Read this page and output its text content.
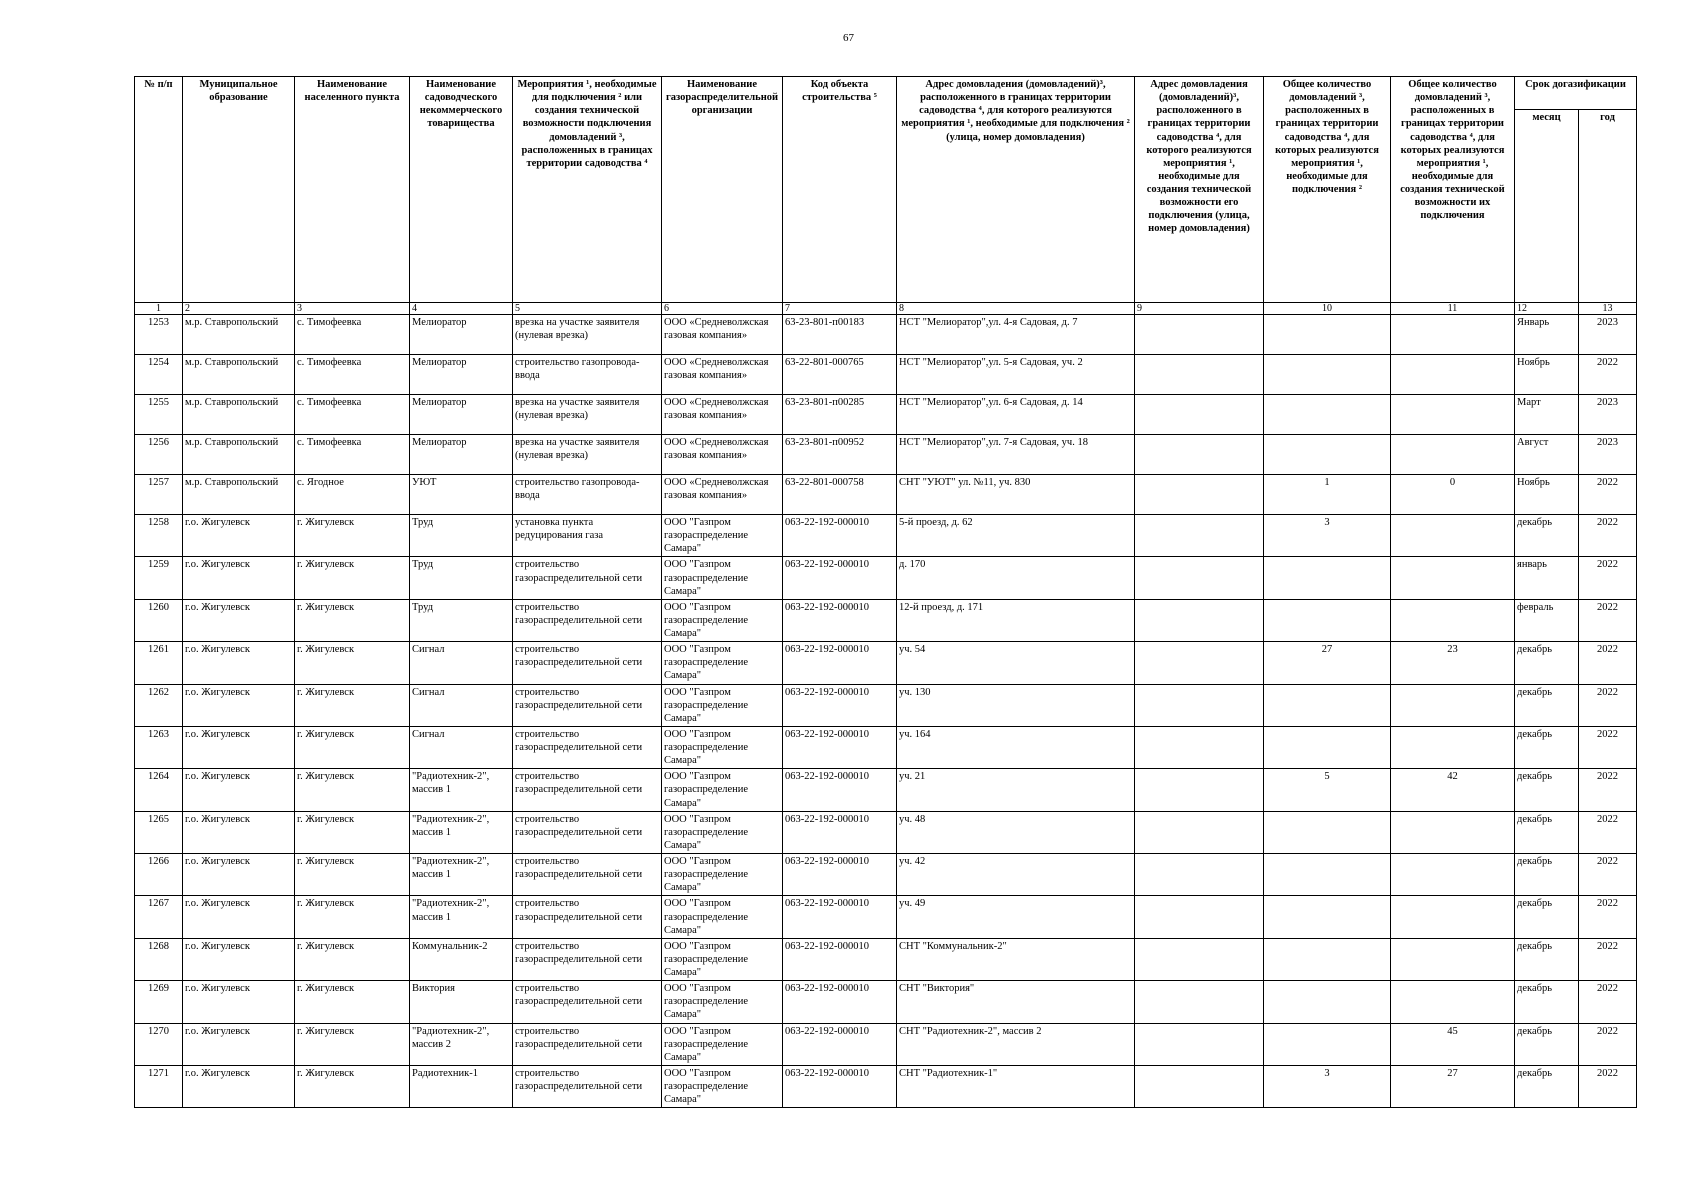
67
№ п/п	Муниципальное образование	Наименование населенного пункта	Наименование садоводческого некоммерческого товарищества	Мероприятия ¹, необходимые для подключения ² или создания технической возможности подключения домовладений ³, расположенных в границах территории садоводства ⁴	Наименование газораспределительной организации	Код объекта строительства ⁵	Адрес домовладения (домовладений)³, расположенного в границах территории садоводства ⁴, для которого реализуются мероприятия ¹, необходимые для подключения ² (улица, номер домовладения)	Адрес домовладения (домовладений)³, расположенного в границах территории садоводства ⁴, для которого реализуются мероприятия ¹, необходимые для создания технической возможности его подключения (улица, номер домовладения)	Общее количество домовладений ³, расположенных в границах территории садоводства ⁴, для которых реализуются мероприятия ¹, необходимые для подключения ²	Общее количество домовладений ³, расположенных в границах территории садоводства ⁴, для которых реализуются мероприятия ¹, необходимые для создания технической возможности их подключения	Срок догазификации	
											месяц	год
1	2	3	4	5	6	7	8	9	10	11	12	13
1253	м.р. Ставропольский	с. Тимофеевка	Мелиоратор	врезка на участке заявителя (нулевая врезка)	ООО «Средневолжская газовая компания»	63-23-801-п00183	НСТ "Мелиоратор",ул. 4-я Садовая, д. 7				Январь	2023
1254	м.р. Ставропольский	с. Тимофеевка	Мелиоратор	строительство газопровода-ввода	ООО «Средневолжская газовая компания»	63-22-801-000765	НСТ "Мелиоратор",ул. 5-я Садовая, уч. 2				Ноябрь	2022
1255	м.р. Ставропольский	с. Тимофеевка	Мелиоратор	врезка на участке заявителя (нулевая врезка)	ООО «Средневолжская газовая компания»	63-23-801-п00285	НСТ "Мелиоратор",ул. 6-я Садовая, д. 14				Март	2023
1256	м.р. Ставропольский	с. Тимофеевка	Мелиоратор	врезка на участке заявителя (нулевая врезка)	ООО «Средневолжская газовая компания»	63-23-801-п00952	НСТ "Мелиоратор",ул. 7-я Садовая, уч. 18				Август	2023
1257	м.р. Ставропольский	с. Ягодное	УЮТ	строительство газопровода-ввода	ООО «Средневолжская газовая компания»	63-22-801-000758	СНТ "УЮТ" ул. №11, уч. 830		1	0	Ноябрь	2022
1258	г.о. Жигулевск	г. Жигулевск	Труд	установка пункта редуцирования газа	ООО "Газпром газораспределение Самара"	063-22-192-000010	5-й проезд, д. 62		3		декабрь	2022
1259	г.о. Жигулевск	г. Жигулевск	Труд	строительство газораспределительной сети	ООО "Газпром газораспределение Самара"	063-22-192-000010	д. 170				январь	2022
1260	г.о. Жигулевск	г. Жигулевск	Труд	строительство газораспределительной сети	ООО "Газпром газораспределение Самара"	063-22-192-000010	12-й проезд, д. 171				февраль	2022
1261	г.о. Жигулевск	г. Жигулевск	Сигнал	строительство газораспределительной сети	ООО "Газпром газораспределение Самара"	063-22-192-000010	уч. 54		27	23	декабрь	2022
1262	г.о. Жигулевск	г. Жигулевск	Сигнал	строительство газораспределительной сети	ООО "Газпром газораспределение Самара"	063-22-192-000010	уч. 130				декабрь	2022
1263	г.о. Жигулевск	г. Жигулевск	Сигнал	строительство газораспределительной сети	ООО "Газпром газораспределение Самара"	063-22-192-000010	уч. 164				декабрь	2022
1264	г.о. Жигулевск	г. Жигулевск	"Радиотехник-2", массив 1	строительство газораспределительной сети	ООО "Газпром газораспределение Самара"	063-22-192-000010	уч. 21		5	42	декабрь	2022
1265	г.о. Жигулевск	г. Жигулевск	"Радиотехник-2", массив 1	строительство газораспределительной сети	ООО "Газпром газораспределение Самара"	063-22-192-000010	уч. 48				декабрь	2022
1266	г.о. Жигулевск	г. Жигулевск	"Радиотехник-2", массив 1	строительство газораспределительной сети	ООО "Газпром газораспределение Самара"	063-22-192-000010	уч. 42				декабрь	2022
1267	г.о. Жигулевск	г. Жигулевск	"Радиотехник-2", массив 1	строительство газораспределительной сети	ООО "Газпром газораспределение Самара"	063-22-192-000010	уч. 49				декабрь	2022
1268	г.о. Жигулевск	г. Жигулевск	Коммунальник-2	строительство газораспределительной сети	ООО "Газпром газораспределение Самара"	063-22-192-000010	СНТ "Коммунальник-2"				декабрь	2022
1269	г.о. Жигулевск	г. Жигулевск	Виктория	строительство газораспределительной сети	ООО "Газпром газораспределение Самара"	063-22-192-000010	СНТ "Виктория"				декабрь	2022
1270	г.о. Жигулевск	г. Жигулевск	"Радиотехник-2", массив 2	строительство газораспределительной сети	ООО "Газпром газораспределение Самара"	063-22-192-000010	СНТ "Радиотехник-2", массив 2			45	декабрь	2022
1271	г.о. Жигулевск	г. Жигулевск	Радиотехник-1	строительство газораспределительной сети	ООО "Газпром газораспределение Самара"	063-22-192-000010	СНТ "Радиотехник-1"		3	27	декабрь	2022
